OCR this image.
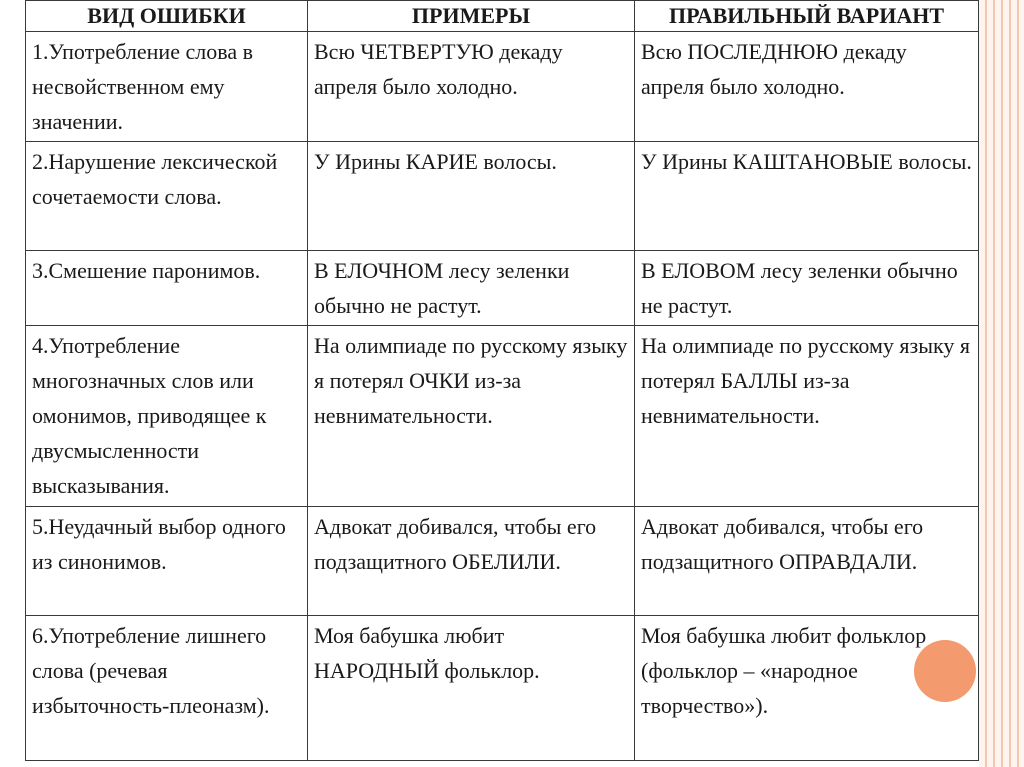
ВИД ОШИБКИ	ПРИМЕРЫ	ПРАВИЛЬНЫЙ ВАРИАНТ
1.Употребление слова в несвойственном ему значении.	Всю ЧЕТВЕРТУЮ декаду апреля было холодно.	Всю ПОСЛЕДНЮЮ декаду апреля было холодно.
2.Нарушение лексической сочетаемости слова.	У Ирины КАРИЕ волосы.	У Ирины КАШТАНОВЫЕ волосы.
3.Смешение паронимов.	В ЕЛОЧНОМ лесу зеленки обычно не растут.	В ЕЛОВОМ лесу зеленки обычно не растут.
4.Употребление многозначных слов или омонимов, приводящее к двусмысленности высказывания.	На олимпиаде по русскому языку я потерял ОЧКИ из-за невнимательности.	На олимпиаде по русскому языку я потерял БАЛЛЫ из-за невнимательности.
5.Неудачный выбор одного из синонимов.	Адвокат добивался, чтобы его подзащитного ОБЕЛИЛИ.	Адвокат добивался, чтобы его подзащитного ОПРАВДАЛИ.
6.Употребление лишнего слова (речевая избыточность-плеоназм).	Моя бабушка любит НАРОДНЫЙ фольклор.	Моя бабушка любит фольклор (фольклор – «народное творчество»).
